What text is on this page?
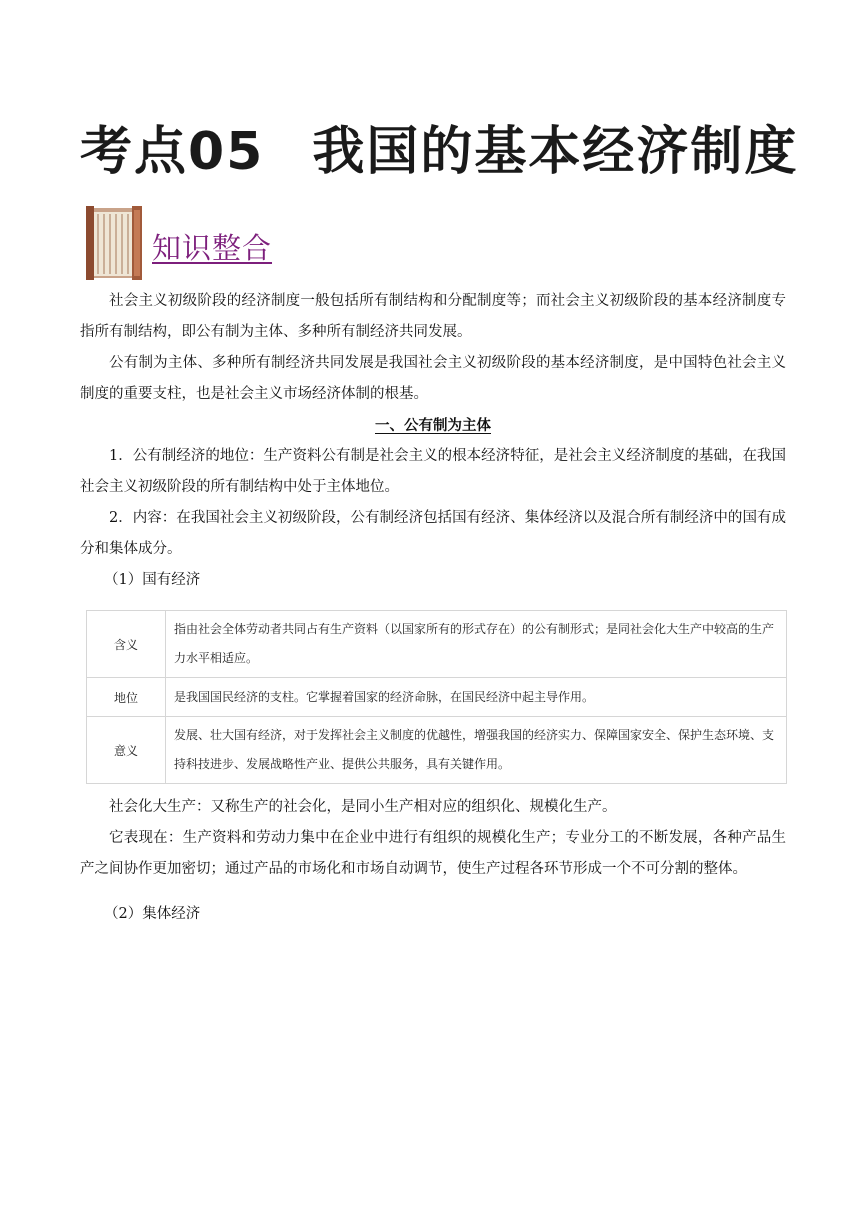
考点05 我国的基本经济制度
知识整合

社会主义初级阶段的经济制度一般包括所有制结构和分配制度等；而社会主义初级阶段的基本经济制度专指所有制结构，即公有制为主体、多种所有制经济共同发展。

公有制为主体、多种所有制经济共同发展是我国社会主义初级阶段的基本经济制度，是中国特色社会主义制度的重要支柱，也是社会主义市场经济体制的根基。

一、公有制为主体

1．公有制经济的地位：生产资料公有制是社会主义的根本经济特征，是社会主义经济制度的基础，在我国社会主义初级阶段的所有制结构中处于主体地位。

2．内容：在我国社会主义初级阶段，公有制经济包括国有经济、集体经济以及混合所有制经济中的国有成分和集体成分。

（1）国有经济

含义	指由社会全体劳动者共同占有生产资料（以国家所有的形式存在）的公有制形式；是同社会化大生产中较高的生产力水平相适应。
地位	是我国国民经济的支柱。它掌握着国家的经济命脉，在国民经济中起主导作用。
意义	发展、壮大国有经济，对于发挥社会主义制度的优越性，增强我国的经济实力、保障国家安全、保护生态环境、支持科技进步、发展战略性产业、提供公共服务，具有关键作用。

社会化大生产：又称生产的社会化，是同小生产相对应的组织化、规模化生产。

它表现在：生产资料和劳动力集中在企业中进行有组织的规模化生产；专业分工的不断发展，各种产品生产之间协作更加密切；通过产品的市场化和市场自动调节，使生产过程各环节形成一个不可分割的整体。

（2）集体经济
